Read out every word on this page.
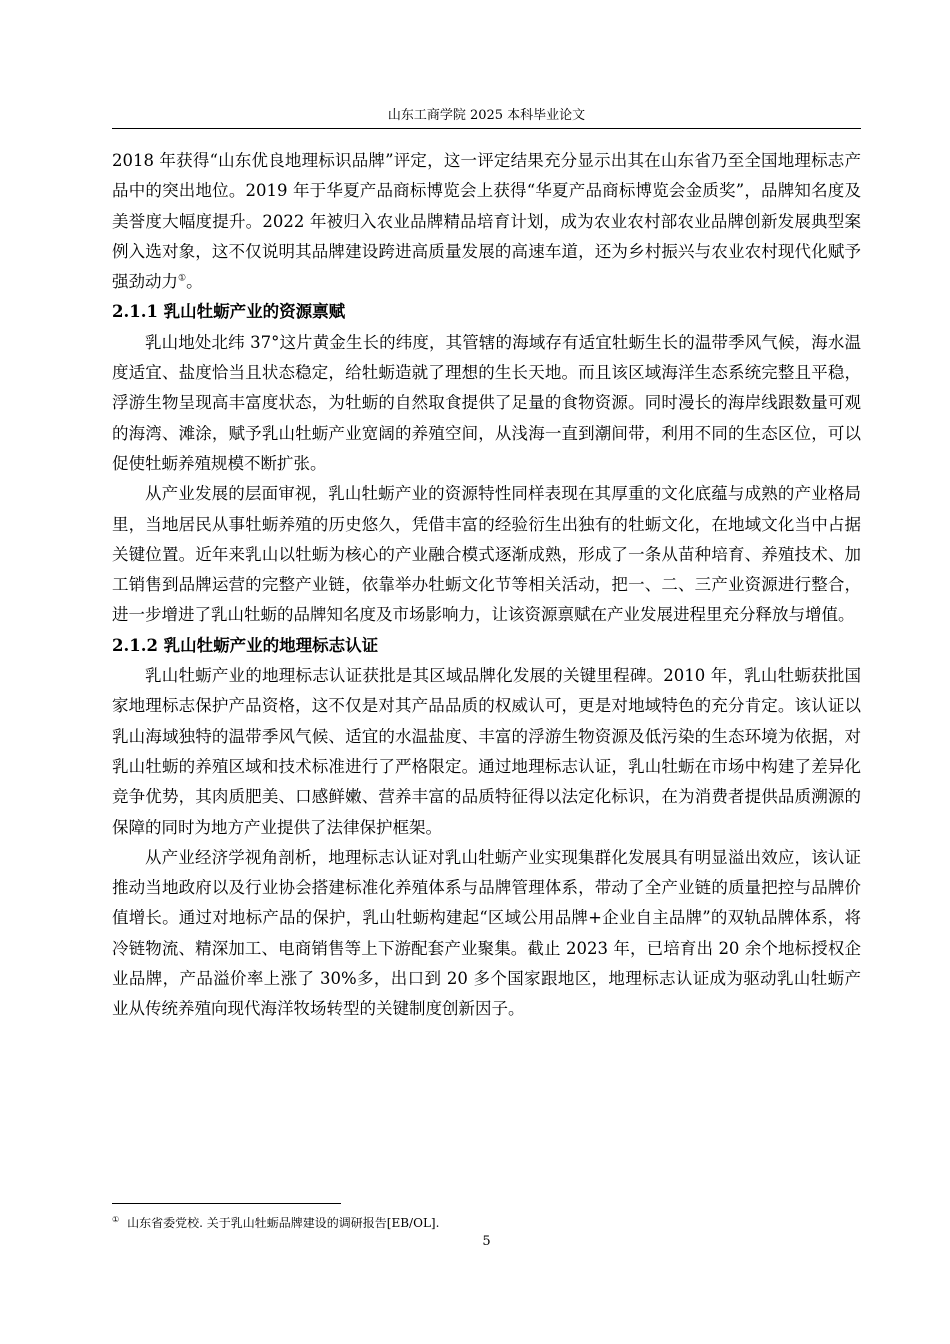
山东工商学院 2025 本科毕业论文

2018 年获得“山东优良地理标识品牌”评定，这一评定结果充分显示出其在山东省乃至全国地理标志产品中的突出地位。2019 年于华夏产品商标博览会上获得“华夏产品商标博览会金质奖”，品牌知名度及美誉度大幅度提升。2022 年被归入农业品牌精品培育计划，成为农业农村部农业品牌创新发展典型案例入选对象，这不仅说明其品牌建设跨进高质量发展的高速车道，还为乡村振兴与农业农村现代化赋予强劲动力①。

2.1.1 乳山牡蛎产业的资源禀赋

乳山地处北纬 37°这片黄金生长的纬度，其管辖的海域存有适宜牡蛎生长的温带季风气候，海水温度适宜、盐度恰当且状态稳定，给牡蛎造就了理想的生长天地。而且该区域海洋生态系统完整且平稳，浮游生物呈现高丰富度状态，为牡蛎的自然取食提供了足量的食物资源。同时漫长的海岸线跟数量可观的海湾、滩涂，赋予乳山牡蛎产业宽阔的养殖空间，从浅海一直到潮间带，利用不同的生态区位，可以促使牡蛎养殖规模不断扩张。

从产业发展的层面审视，乳山牡蛎产业的资源特性同样表现在其厚重的文化底蕴与成熟的产业格局里，当地居民从事牡蛎养殖的历史悠久，凭借丰富的经验衍生出独有的牡蛎文化，在地域文化当中占据关键位置。近年来乳山以牡蛎为核心的产业融合模式逐渐成熟，形成了一条从苗种培育、养殖技术、加工销售到品牌运营的完整产业链，依靠举办牡蛎文化节等相关活动，把一、二、三产业资源进行整合，进一步增进了乳山牡蛎的品牌知名度及市场影响力，让该资源禀赋在产业发展进程里充分释放与增值。

2.1.2 乳山牡蛎产业的地理标志认证

乳山牡蛎产业的地理标志认证获批是其区域品牌化发展的关键里程碑。2010 年，乳山牡蛎获批国家地理标志保护产品资格，这不仅是对其产品品质的权威认可，更是对地域特色的充分肯定。该认证以乳山海域独特的温带季风气候、适宜的水温盐度、丰富的浮游生物资源及低污染的生态环境为依据，对乳山牡蛎的养殖区域和技术标准进行了严格限定。通过地理标志认证，乳山牡蛎在市场中构建了差异化竞争优势，其肉质肥美、口感鲜嫩、营养丰富的品质特征得以法定化标识，在为消费者提供品质溯源的保障的同时为地方产业提供了法律保护框架。

从产业经济学视角剖析，地理标志认证对乳山牡蛎产业实现集群化发展具有明显溢出效应，该认证推动当地政府以及行业协会搭建标准化养殖体系与品牌管理体系，带动了全产业链的质量把控与品牌价值增长。通过对地标产品的保护，乳山牡蛎构建起“区域公用品牌+企业自主品牌”的双轨品牌体系，将冷链物流、精深加工、电商销售等上下游配套产业聚集。截止 2023 年，已培育出 20 余个地标授权企业品牌，产品溢价率上涨了 30%多，出口到 20 多个国家跟地区，地理标志认证成为驱动乳山牡蛎产业从传统养殖向现代海洋牧场转型的关键制度创新因子。

① 山东省委党校. 关于乳山牡蛎品牌建设的调研报告[EB/OL].
5
